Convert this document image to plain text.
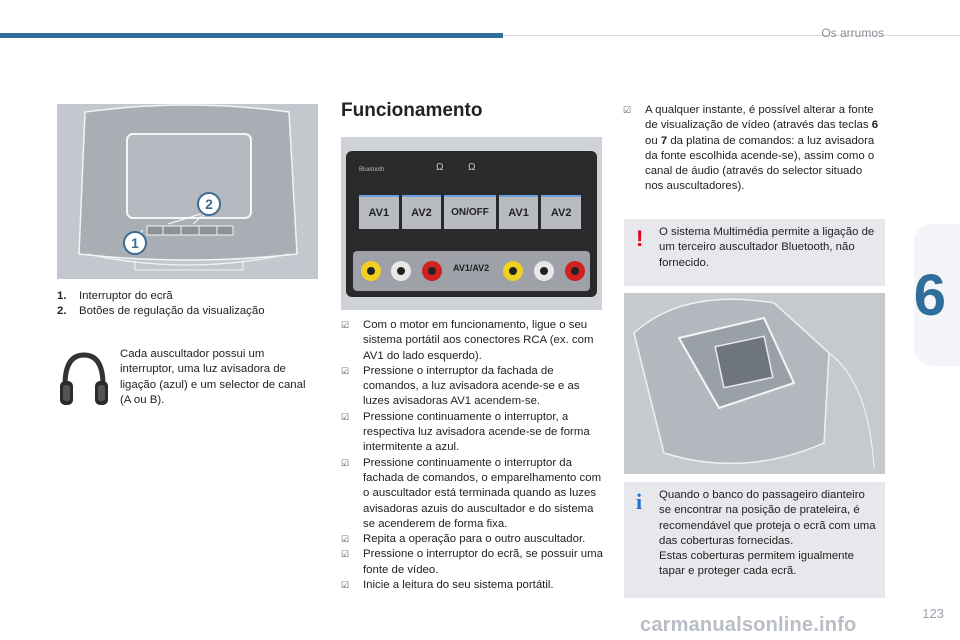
Os arrumos
6
2
1
1. Interruptor do ecrã
2. Botões de regulação da visualização
Cada auscultador possui um interruptor, uma luz avisadora de ligação (azul) e um selector de canal (A ou B).
Funcionamento
Bluetooth	Ω Ω
AV1	AV2	ON/OFF	AV1	AV2
AV1/AV2
☑ Com o motor em funcionamento, ligue o seu sistema portátil aos conectores RCA (ex. com AV1 do lado esquerdo).
☑ Pressione o interruptor da fachada de comandos, a luz avisadora acende-se e as luzes avisadoras AV1 acendem-se.
☑ Pressione continuamente o interruptor, a respectiva luz avisadora acende-se de forma intermitente a azul.
☑ Pressione continuamente o interruptor da fachada de comandos, o emparelhamento com o auscultador está terminada quando as luzes avisadoras azuis do auscultador e do sistema se acenderem de forma fixa.
☑ Repita a operação para o outro auscultador.
☑ Pressione o interruptor do ecrã, se possuir uma fonte de vídeo.
☑ Inicie a leitura do seu sistema portátil.
☑ A qualquer instante, é possível alterar a fonte de visualização de vídeo (através das teclas 6 ou 7 da platina de comandos: a luz avisadora da fonte escolhida acende-se), assim como o canal de áudio (através do selector situado nos auscultadores).
! O sistema Multimédia permite a ligação de um terceiro auscultador Bluetooth, não fornecido.

i Quando o banco do passageiro dianteiro se encontrar na posição de prateleira, é recomendável que proteja o ecrã com uma das coberturas fornecidas.
Estas coberturas permitem igualmente tapar e proteger cada ecrã.

123
carmanualsonline.info
